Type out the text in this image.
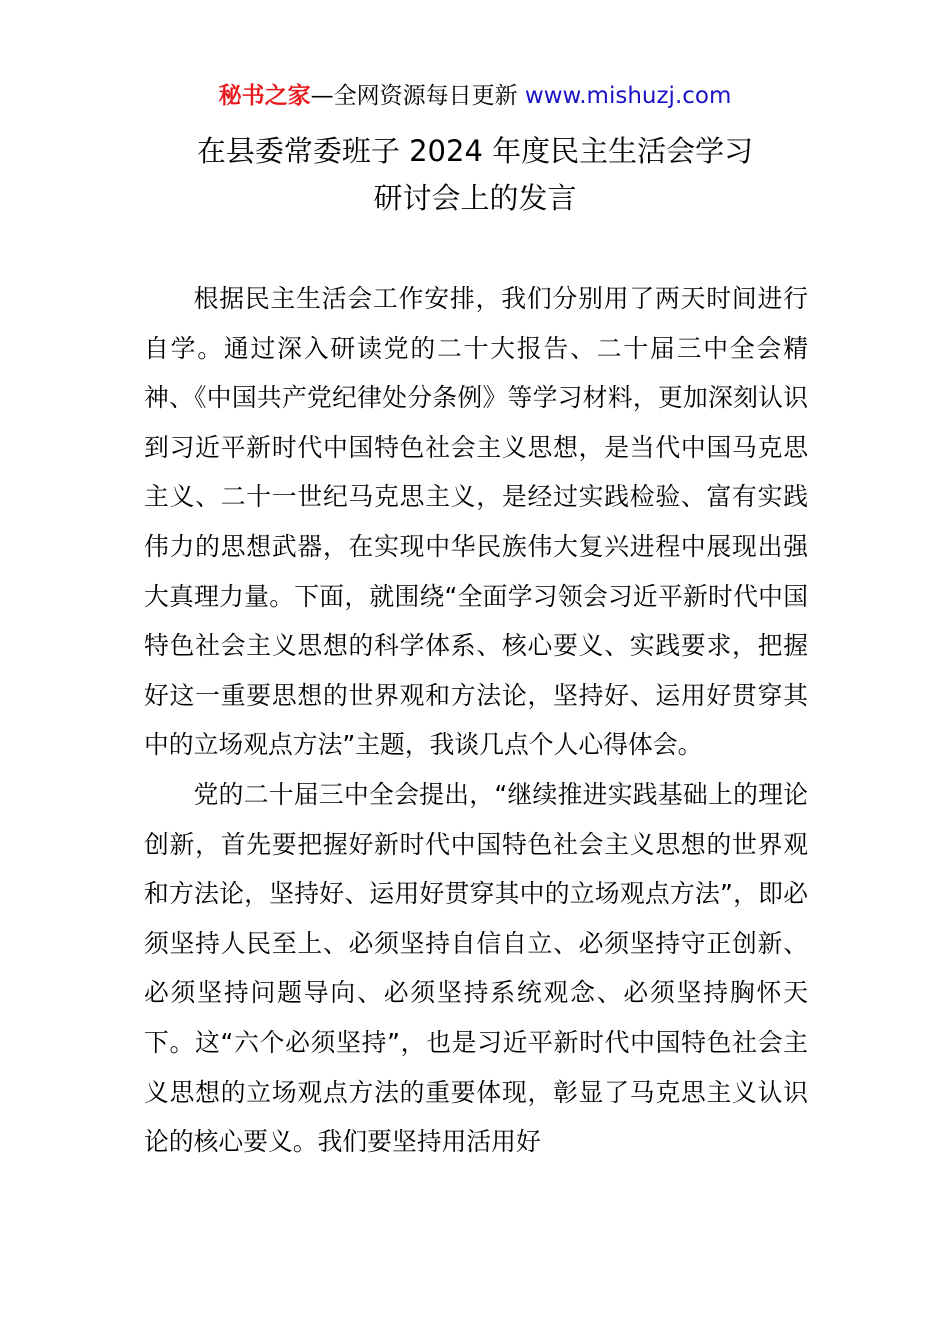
秘书之家—全网资源每日更新 www.mishuzj.com
在县委常委班子 2024 年度民主生活会学习
研讨会上的发言

根据民主生活会工作安排，我们分别用了两天时间进行自学。通过深入研读党的二十大报告、二十届三中全会精神、《中国共产党纪律处分条例》等学习材料，更加深刻认识到习近平新时代中国特色社会主义思想，是当代中国马克思主义、二十一世纪马克思主义，是经过实践检验、富有实践伟力的思想武器，在实现中华民族伟大复兴进程中展现出强大真理力量。下面，就围绕“全面学习领会习近平新时代中国特色社会主义思想的科学体系、核心要义、实践要求，把握好这一重要思想的世界观和方法论，坚持好、运用好贯穿其中的立场观点方法”主题，我谈几点个人心得体会。

党的二十届三中全会提出，“继续推进实践基础上的理论创新，首先要把握好新时代中国特色社会主义思想的世界观和方法论，坚持好、运用好贯穿其中的立场观点方法”，即必须坚持人民至上、必须坚持自信自立、必须坚持守正创新、必须坚持问题导向、必须坚持系统观念、必须坚持胸怀天下。这“六个必须坚持”，也是习近平新时代中国特色社会主义思想的立场观点方法的重要体现，彰显了马克思主义认识论的核心要义。我们要坚持用活用好
